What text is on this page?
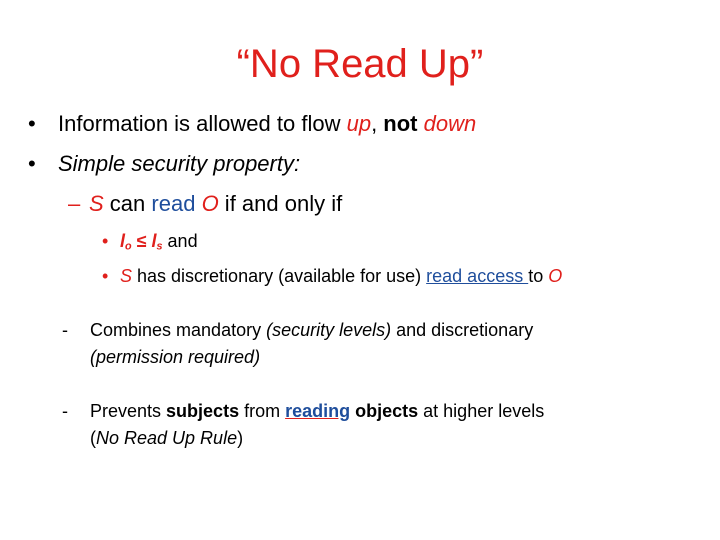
“No Read Up”
• Information is allowed to flow up, not down
• Simple security property:
– S can read O if and only if
• $l_o \le l_s$ and
• S has discretionary (available for use) read access to O
- Combines mandatory (security levels) and discretionary
(permission required)
- Prevents subjects from reading objects at higher levels
(No Read Up Rule)
